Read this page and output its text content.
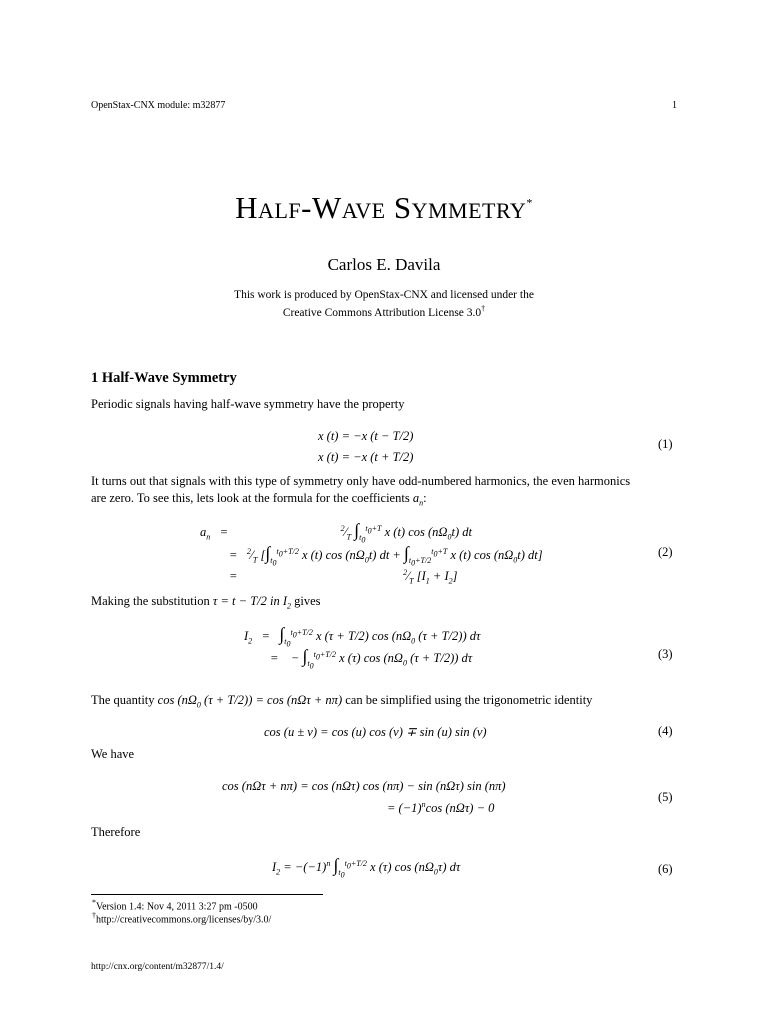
OpenStax-CNX module: m32877	1
Half-Wave Symmetry*
Carlos E. Davila
This work is produced by OpenStax-CNX and licensed under the
Creative Commons Attribution License 3.0†
1 Half-Wave Symmetry
Periodic signals having half-wave symmetry have the property
x (t) = −x (t − T/2)
x (t) = −x (t + T/2)
(1)
It turns out that signals with this type of symmetry only have odd-numbered harmonics, the even harmonics
are zero. To see this, lets look at the formula for the coefficients $a_n$:
$a_n$   =                                    $^2⁄_T$ $\int_{t_0}^{t_0+T}$ x (t) $\cos (n\Omega_0t)$ dt
=   $^2⁄_T$ [$\int_{t_0}^{t_0+T/2}$ x (t) $\cos (n\Omega_0t)$ dt + $\int_{t_0+T/2}^{t_0+T}$ x (t) $\cos (n\Omega_0t)$ dt]
=                                                     $^2⁄_T$ $[I_1 + I_2]$
(2)
Making the substitution τ = t − T/2 in $I_2$ gives
$I_2 = \int_{t_0}^{t_0+T/2}$ x (τ + T/2) $\cos (n\Omega_0$ (τ + T/2)) dτ
=    − $\int_{t_0}^{t_0+T/2}$ x (τ) $\cos (n\Omega_0$ (τ + T/2)) dτ	(3)
The quantity $\cos (n\Omega_0$ (τ + T/2)) = cos (nΩτ + nπ) can be simplified using the trigonometric identity
cos (u ± v) = cos (u) cos (v) ∓ sin (u) sin (v)	(4)
We have
cos (nΩτ + nπ) = cos (nΩτ) cos (nπ) − sin (nΩτ) sin (nπ)
= $(-1)^n\cos$ (nΩτ) − 0
(5)
Therefore
$I_2 = -(-1)^n$ $\int_{t_0}^{t_0+T/2}$ x (τ) $\cos (n\Omega_0\tau)$ dτ	(6)
*Version 1.4: Nov 4, 2011 3:27 pm -0500
†http://creativecommons.org/licenses/by/3.0/
http://cnx.org/content/m32877/1.4/
